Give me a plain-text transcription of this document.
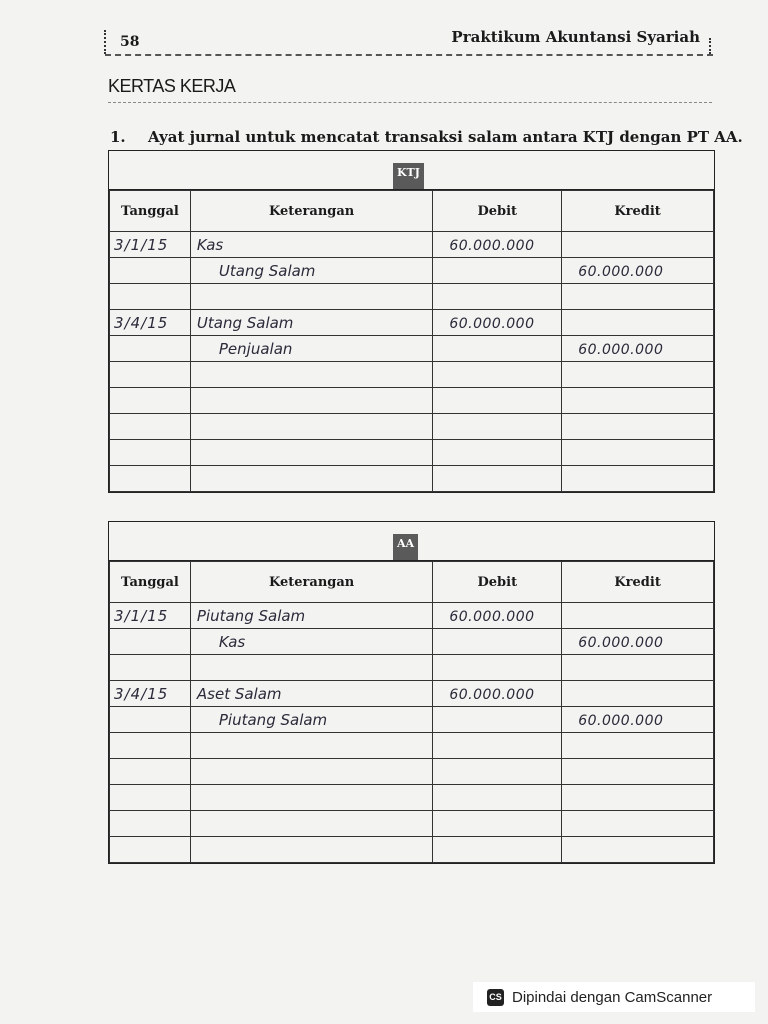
58	Praktikum Akuntansi Syariah
KERTAS KERJA
1. Ayat jurnal untuk mencatat transaksi salam antara KTJ dengan PT AA.
KTJ
Tanggal	Keterangan	Debit	Kredit
3/1/15	Kas	60.000.000	
	Utang Salam		60.000.000

3/4/15	Utang Salam	60.000.000	
	Penjualan		60.000.000

AA
Tanggal	Keterangan	Debit	Kredit
3/1/15	Piutang Salam	60.000.000	
	Kas		60.000.000

3/4/15	Aset Salam	60.000.000	
	Piutang Salam		60.000.000

CS Dipindai dengan CamScanner
